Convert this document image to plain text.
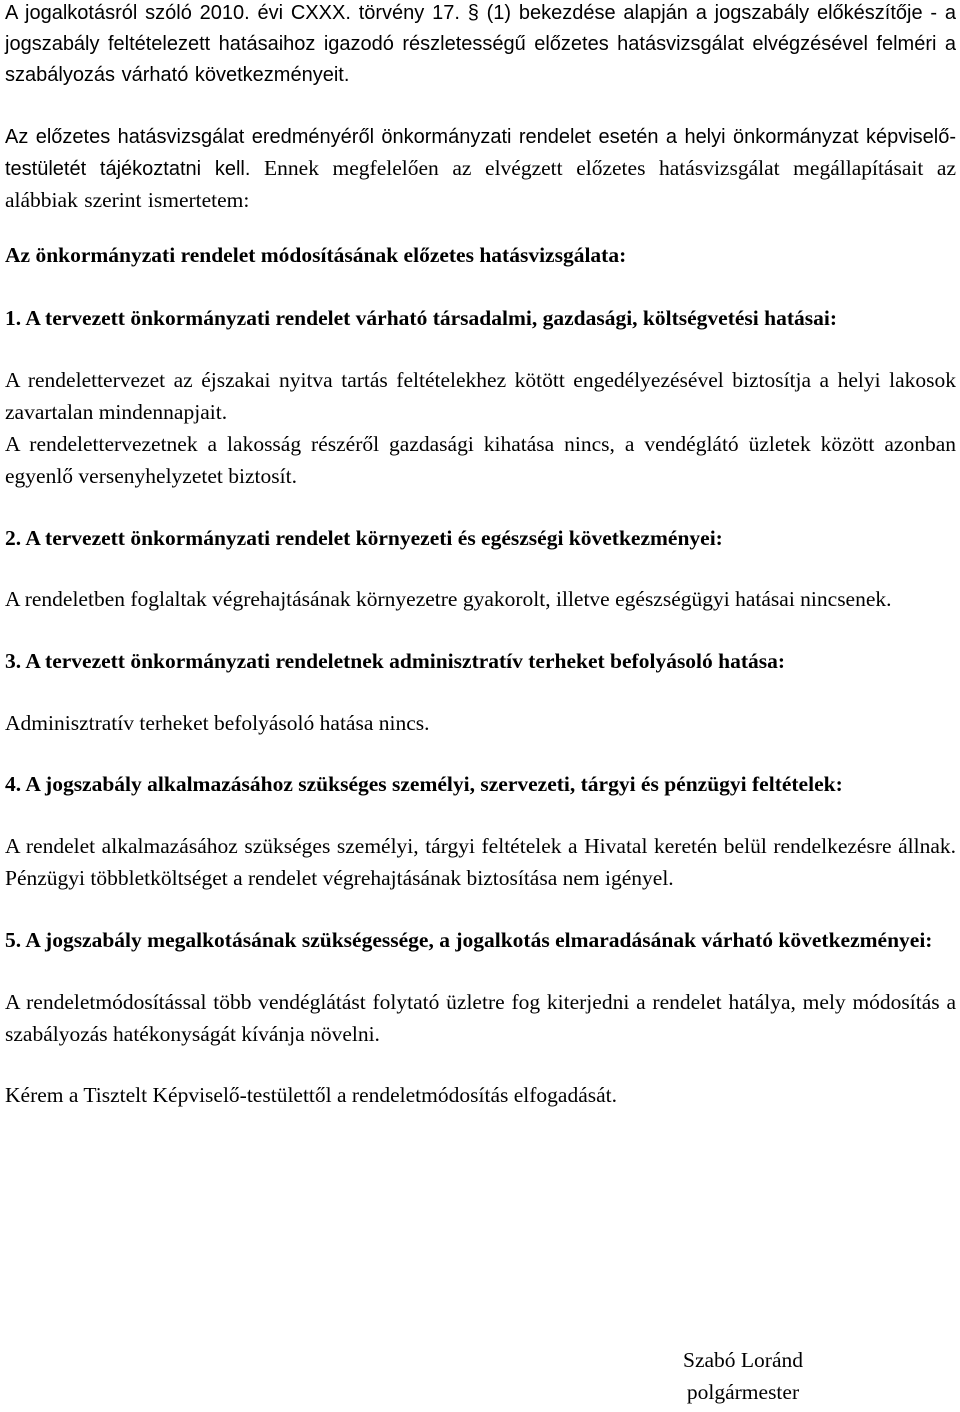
A jogalkotásról szóló 2010. évi CXXX. törvény 17. § (1) bekezdése alapján a jogszabály előkészítője - a jogszabály feltételezett hatásaihoz igazodó részletességű előzetes hatásvizsgálat elvégzésével felméri a szabályozás várható következményeit.

Az előzetes hatásvizsgálat eredményéről önkormányzati rendelet esetén a helyi önkormányzat képviselő-testületét tájékoztatni kell. Ennek megfelelően az elvégzett előzetes hatásvizsgálat megállapításait az alábbiak szerint ismertetem:

Az önkormányzati rendelet módosításának előzetes hatásvizsgálata:
1. A tervezett önkormányzati rendelet várható társadalmi, gazdasági, költségvetési hatásai:

A rendelettervezet az éjszakai nyitva tartás feltételekhez kötött engedélyezésével biztosítja a helyi lakosok zavartalan mindennapjait.

A rendelettervezetnek a lakosság részéről gazdasági kihatása nincs, a vendéglátó üzletek között azonban egyenlő versenyhelyzetet biztosít.

2. A tervezett önkormányzati rendelet környezeti és egészségi következményei:

A rendeletben foglaltak végrehajtásának környezetre gyakorolt, illetve egészségügyi hatásai nincsenek.

3. A tervezett önkormányzati rendeletnek adminisztratív terheket befolyásoló hatása:

Adminisztratív terheket befolyásoló hatása nincs.

4. A jogszabály alkalmazásához szükséges személyi, szervezeti, tárgyi és pénzügyi feltételek:

A rendelet alkalmazásához szükséges személyi, tárgyi feltételek a Hivatal keretén belül rendelkezésre állnak. Pénzügyi többletköltséget a rendelet végrehajtásának biztosítása nem igényel.

5. A jogszabály megalkotásának szükségessége, a jogalkotás elmaradásának várható következményei:

A rendeletmódosítással több vendéglátást folytató üzletre fog kiterjedni a rendelet hatálya, mely módosítás a szabályozás hatékonyságát kívánja növelni.

Kérem a Tisztelt Képviselő-testülettől a rendeletmódosítás elfogadását.

Szabó Loránd
polgármester
